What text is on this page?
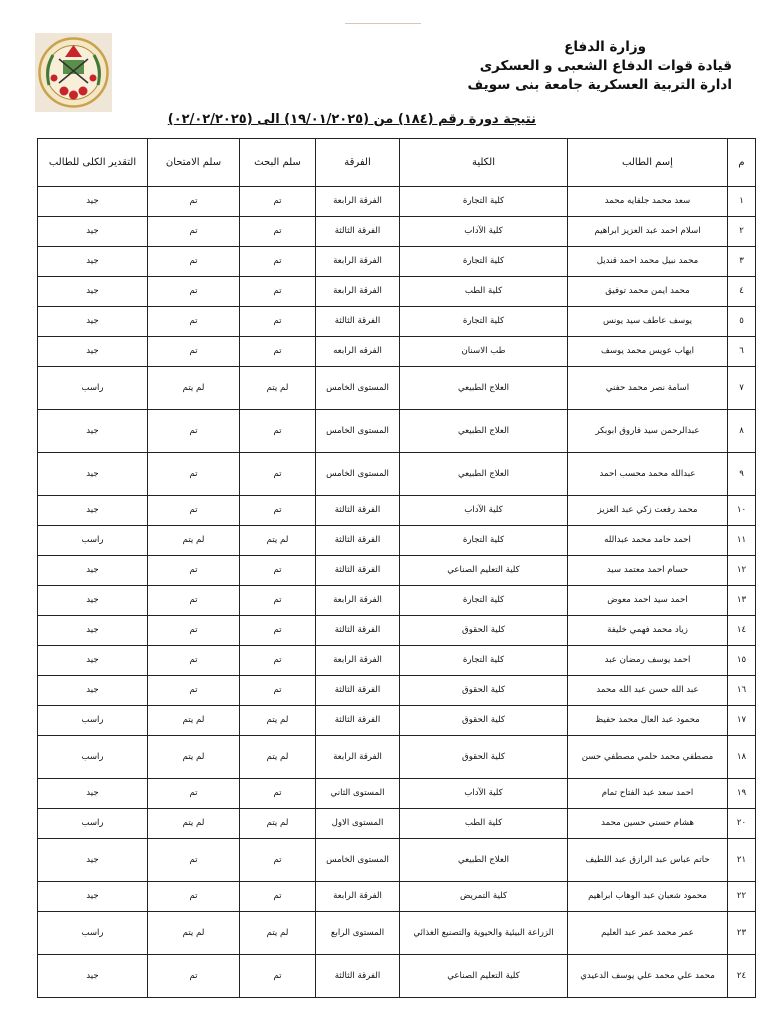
وزارة الدفاع
قيادة قوات الدفاع الشعبى و العسكرى
ادارة التربية العسكرية جامعة بنى سويف
نتيجة دورة رقم (١٨٤) من (١٩/٠١/٢٠٢٥) الى (٠٢/٠٢/٢٠٢٥)
م	إسم الطالب	الكلية	الفرقة	سلم البحث	سلم الامتحان	التقدير الكلى للطالب
١	سعد محمد جلفايه محمد	كلية التجارة	الفرقة الرابعة	تم	تم	جيد
٢	اسلام احمد عبد العزيز ابراهيم	كلية الآداب	الفرقة الثالثة	تم	تم	جيد
٣	محمد نبيل محمد احمد قنديل	كلية التجارة	الفرقة الرابعة	تم	تم	جيد
٤	محمد ايمن محمد توفيق	كلية الطب	الفرقة الرابعة	تم	تم	جيد
٥	يوسف عاطف سيد يونس	كلية التجارة	الفرقة الثالثة	تم	تم	جيد
٦	ايهاب عويس محمد يوسف	طب الاسنان	الفرقه الرابعه	تم	تم	جيد
٧	اسامة نصر محمد حفني	العلاج الطبيعي	المستوى الخامس	لم يتم	لم يتم	راسب
٨	عبدالرحمن سيد فاروق ابوبكر	العلاج الطبيعي	المستوى الخامس	تم	تم	جيد
٩	عبدالله محمد محسب احمد	العلاج الطبيعي	المستوى الخامس	تم	تم	جيد
١٠	محمد رفعت زكي عبد العزيز	كلية الآداب	الفرقة الثالثة	تم	تم	جيد
١١	احمد حامد محمد عبدالله	كلية التجارة	الفرقة الثالثة	لم يتم	لم يتم	راسب
١٢	حسام احمد معتمد سيد	كلية التعليم الصناعي	الفرقة الثالثة	تم	تم	جيد
١٣	احمد سيد احمد معوض	كلية التجارة	الفرقة الرابعة	تم	تم	جيد
١٤	زياد محمد فهمي خليفة	كلية الحقوق	الفرقة الثالثة	تم	تم	جيد
١٥	احمد يوسف رمضان عبد	كلية التجارة	الفرقة الرابعة	تم	تم	جيد
١٦	عبد الله حسن عبد الله محمد	كلية الحقوق	الفرقة الثالثة	تم	تم	جيد
١٧	محمود عبد العال محمد حفيظ	كلية الحقوق	الفرقة الثالثة	لم يتم	لم يتم	راسب
١٨	مصطفي محمد حلمي مصطفي حسن	كلية الحقوق	الفرقة الرابعة	لم يتم	لم يتم	راسب
١٩	احمد سعد عبد الفتاح تمام	كلية الآداب	المستوى الثاني	تم	تم	جيد
٢٠	هشام حسني حسين محمد	كلية الطب	المستوى الاول	لم يتم	لم يتم	راسب
٢١	حاتم عباس عبد الرازق عبد اللطيف	العلاج الطبيعي	المستوى الخامس	تم	تم	جيد
٢٢	محمود شعبان عبد الوهاب ابراهيم	كلية التمريض	الفرقة الرابعة	تم	تم	جيد
٢٣	عمر محمد عمر عبد العليم	الزراعة البيئية والحيوية والتصنيع الغذائي	المستوى الرابع	لم يتم	لم يتم	راسب
٢٤	محمد علي محمد علي يوسف الدعيدي	كلية التعليم الصناعي	الفرقة الثالثة	تم	تم	جيد
